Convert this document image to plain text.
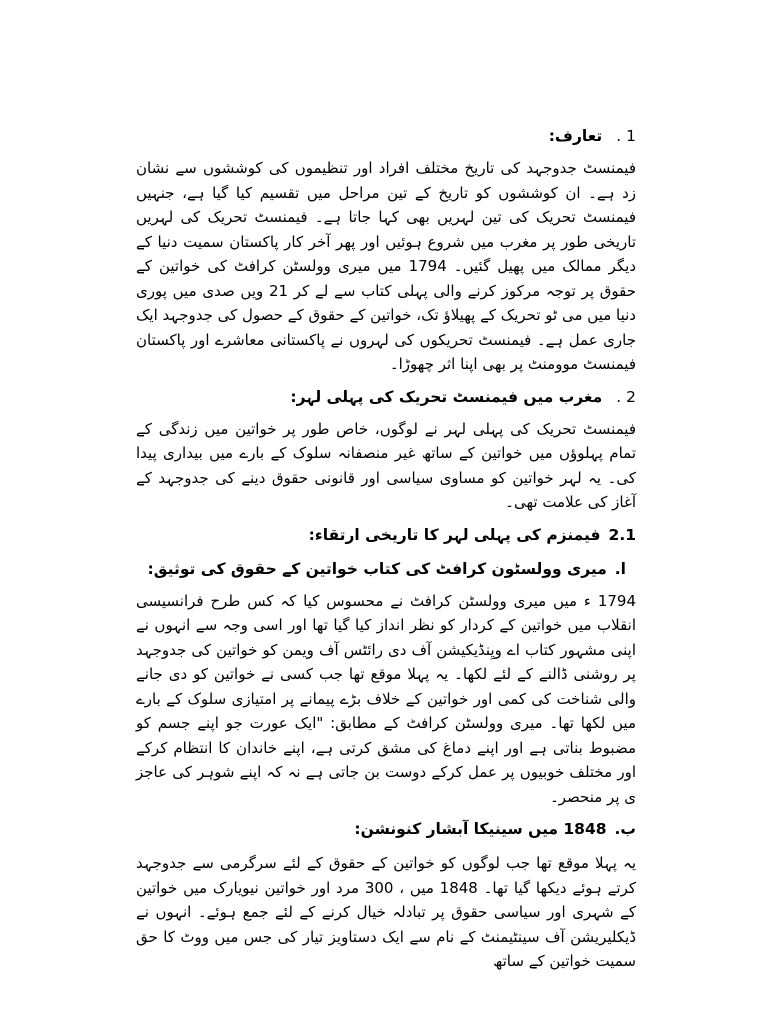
1 .تعارف:

فیمنسٹ جدوجہد کی تاریخ مختلف افراد اور تنظیموں کی کوششوں سے نشان زد ہے۔ ان کوششوں کو تاریخ کے تین مراحل میں تقسیم کیا گیا ہے، جنہیں فیمنسٹ تحریک کی تین لہریں بھی کہا جاتا ہے۔ فیمنسٹ تحریک کی لہریں تاریخی طور پر مغرب میں شروع ہوئیں اور پھر آخر کار پاکستان سمیت دنیا کے دیگر ممالک میں پھیل گئیں۔ 1794 میں میری وولسٹن کرافٹ کی خواتین کے حقوق پر توجہ مرکوز کرنے والی پہلی کتاب سے لے کر 21 ویں صدی میں پوری دنیا میں می ٹو تحریک کے پھیلاؤ تک، خواتین کے حقوق کے حصول کی جدوجہد ایک جاری عمل ہے۔ فیمنسٹ تحریکوں کی لہروں نے پاکستانی معاشرے اور پاکستان فیمنسٹ موومنٹ پر بھی اپنا اثر چھوڑا۔

2 .مغرب میں فیمنسٹ تحریک کی پہلی لہر:

فیمنسٹ تحریک کی پہلی لہر نے لوگوں، خاص طور پر خواتین میں زندگی کے تمام پہلوؤں میں خواتین کے ساتھ غیر منصفانہ سلوک کے بارے میں بیداری پیدا کی۔ یہ لہر خواتین کو مساوی سیاسی اور قانونی حقوق دینے کی جدوجہد کے آغاز کی علامت تھی۔

2.1فیمنزم کی پہلی لہر کا تاریخی ارتقاء:

ا.میری وولسٹون کرافٹ کی کتاب خواتین کے حقوق کی توثیق:

1794 ء میں میری وولسٹن کرافٹ نے محسوس کیا کہ کس طرح فرانسیسی انقلاب میں خواتین کے کردار کو نظر انداز کیا گیا تھا اور اسی وجہ سے انہوں نے اپنی مشہور کتاب اے ویِنڈیکیشن آف دی رائٹس آف ویمن کو خواتین کی جدوجہد پر روشنی ڈالنے کے لئے لکھا۔ یہ پہلا موقع تھا جب کسی نے خواتین کو دی جانے والی شناخت کی کمی اور خواتین کے خلاف بڑے پیمانے پر امتیازی سلوک کے بارے میں لکھا تھا۔ میری وولسٹن کرافٹ کے مطابق: "ایک عورت جو اپنے جسم کو مضبوط بناتی ہے اور اپنے دماغ کی مشق کرتی ہے، اپنے خاندان کا انتظام کرکے اور مختلف خوبیوں پر عمل کرکے دوست بن جاتی ہے نہ کہ اپنے شوہر کی عاجز ی پر منحصر۔

ب.1848 میں سینیکا آبشار کنونشن:

یہ پہلا موقع تھا جب لوگوں کو خواتین کے حقوق کے لئے سرگرمی سے جدوجہد کرتے ہوئے دیکھا گیا تھا۔ 1848 میں ، 300 مرد اور خواتین نیویارک میں خواتین کے شہری اور سیاسی حقوق پر تبادلہ خیال کرنے کے لئے جمع ہوئے۔ انہوں نے ڈیکلیریشن آف سینٹیمنٹ کے نام سے ایک دستاویز تیار کی جس میں ووٹ کا حق سمیت خواتین کے ساتھ
